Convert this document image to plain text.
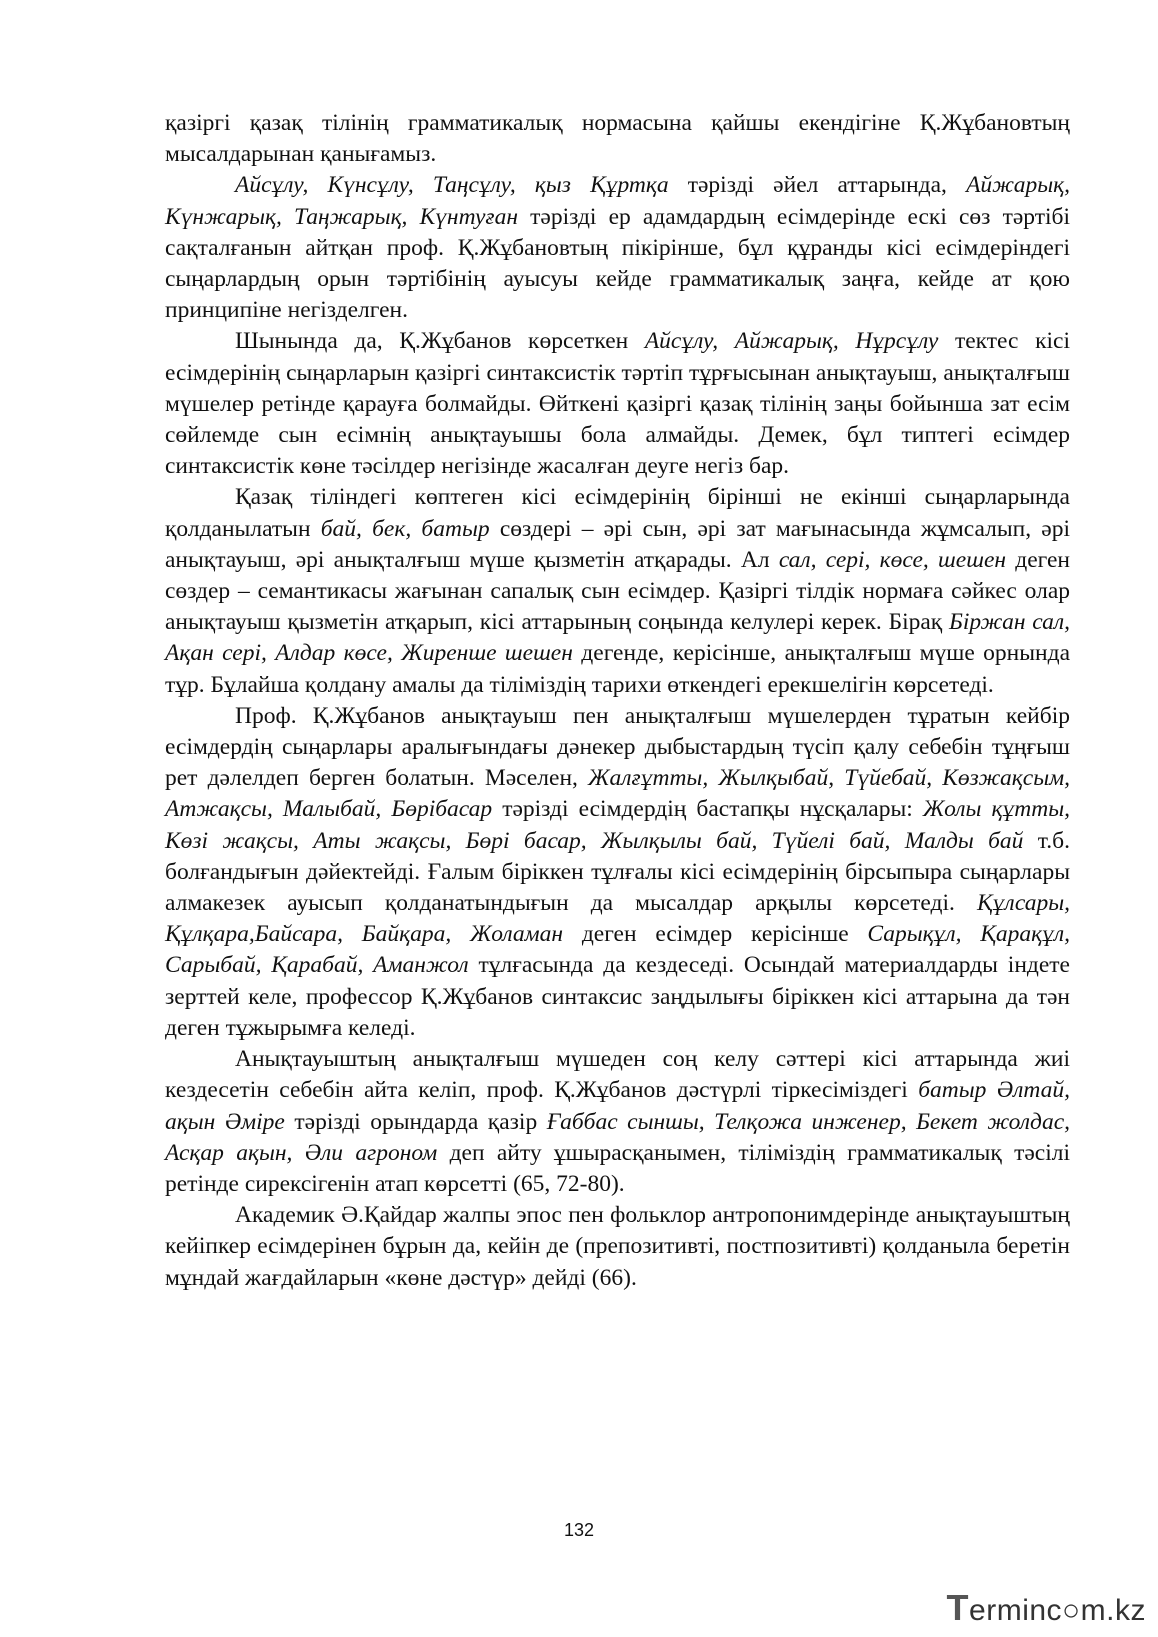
қазіргі қазақ тілінің грамматикалық нормасына қайшы екендігіне Қ.Жұбановтың мысалдарынан қанығамыз.

Айсұлу, Күнсұлу, Таңсұлу, қыз Құртқа тәрізді әйел аттарында, Айжарық, Күнжарық, Таңжарық, Күнтуған тәрізді ер адамдардың есімдерінде ескі сөз тәртібі сақталғанын айтқан проф. Қ.Жұбановтың пікірінше, бұл құранды кісі есімдеріндегі сыңарлардың орын тәртібінің ауысуы кейде грамматикалық заңға, кейде ат қою принципіне негізделген.

Шынында да, Қ.Жұбанов көрсеткен Айсұлу, Айжарық, Нұрсұлу тектес кісі есімдерінің сыңарларын қазіргі синтаксистік тәртіп тұрғысынан анықтауыш, анықталғыш мүшелер ретінде қарауға болмайды. Өйткені қазіргі қазақ тілінің заңы бойынша зат есім сөйлемде сын есімнің анықтауышы бола алмайды. Демек, бұл типтегі есімдер синтаксистік көне тәсілдер негізінде жасалған деуге негіз бар.

Қазақ тіліндегі көптеген кісі есімдерінің бірінші не екінші сыңарларында қолданылатын бай, бек, батыр сөздері – әрі сын, әрі зат мағынасында жұмсалып, әрі анықтауыш, әрі анықталғыш мүше қызметін атқарады. Ал сал, сері, көсе, шешен деген сөздер – семантикасы жағынан сапалық сын есімдер. Қазіргі тілдік нормаға сәйкес олар анықтауыш қызметін атқарып, кісі аттарының соңында келулері керек. Бірақ Біржан сал, Ақан сері, Алдар көсе, Жиренше шешен дегенде, керісінше, анықталғыш мүше орнында тұр. Бұлайша қолдану амалы да тіліміздің тарихи өткендегі ерекшелігін көрсетеді.

Проф. Қ.Жұбанов анықтауыш пен анықталғыш мүшелерден тұратын кейбір есімдердің сыңарлары аралығындағы дәнекер дыбыстардың түсіп қалу себебін тұңғыш рет дәлелдеп берген болатын. Мәселен, Жалғұтты, Жылқыбай, Түйебай, Көзжақсым, Атжақсы, Малыбай, Бөрібасар тәрізді есімдердің бастапқы нұсқалары: Жолы құтты, Көзі жақсы, Аты жақсы, Бөрі басар, Жылқылы бай, Түйелі бай, Малды бай т.б. болғандығын дәйектейді. Ғалым біріккен тұлғалы кісі есімдерінің бірсыпыра сыңарлары алмакезек ауысып қолданатындығын да мысалдар арқылы көрсетеді. Құлсары, Құлқара,Байсара, Байқара, Жоламан деген есімдер керісінше Сарықұл, Қарақұл, Сарыбай, Қарабай, Аманжол тұлғасында да кездеседі. Осындай материалдарды індете зерттей келе, профессор Қ.Жұбанов синтаксис заңдылығы біріккен кісі аттарына да тән деген тұжырымға келеді.

Анықтауыштың анықталғыш мүшеден соң келу сәттері кісі аттарында жиі кездесетін себебін айта келіп, проф. Қ.Жұбанов дәстүрлі тіркесіміздегі батыр Әлтай, ақын Әміре тәрізді орындарда қазір Ғаббас сыншы, Телқожа инженер, Бекет жолдас, Асқар ақын, Әли агроном деп айту ұшырасқанымен, тіліміздің грамматикалық тәсілі ретінде сирексігенін атап көрсетті (65, 72-80).

Академик Ә.Қайдар жалпы эпос пен фольклор антропонимдерінде анықтауыштың кейіпкер есімдерінен бұрын да, кейін де (препозитивті, постпозитивті) қолданыла беретін мұндай жағдайларын «көне дәстүр» дейді (66).

132
Terminc○m.kz
